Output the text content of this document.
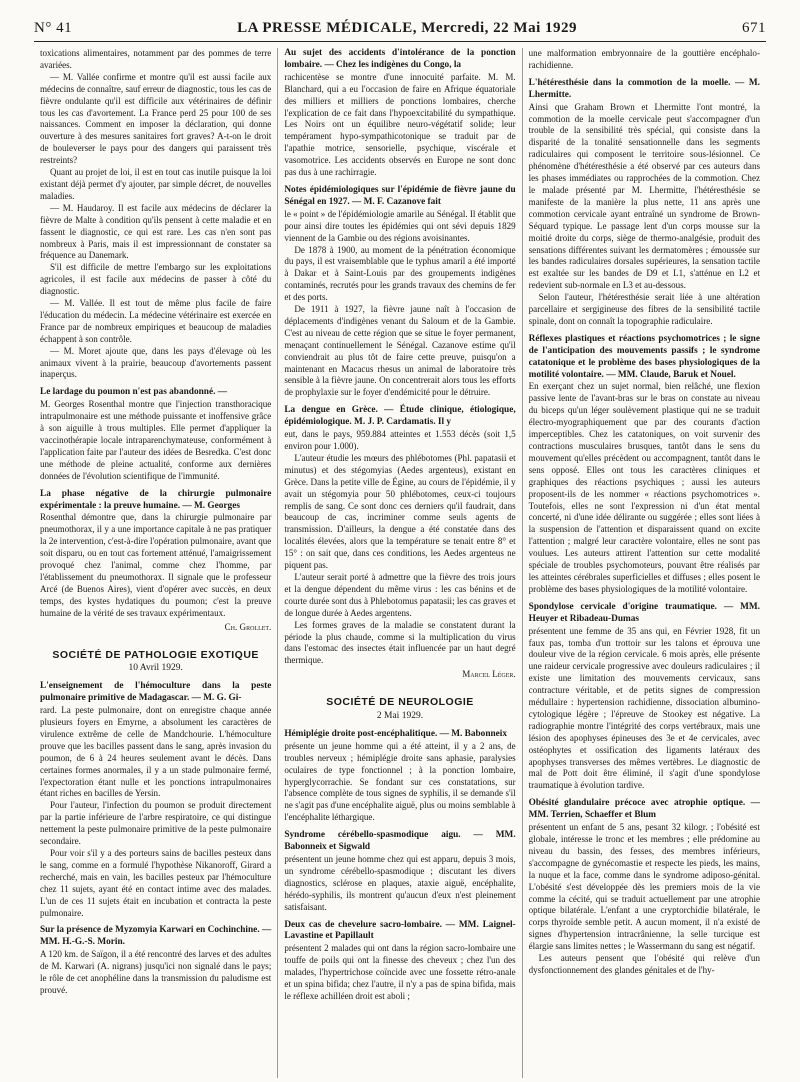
N° 41	LA PRESSE MÉDICALE, Mercredi, 22 Mai 1929	671

toxications alimentaires, notamment par des pommes de terre avariées.

— M. Vallée confirme et montre qu'il est aussi facile aux médecins de connaître, sauf erreur de diagnostic, tous les cas de fièvre ondulante qu'il est difficile aux vétérinaires de définir tous les cas d'avortement. La France perd 25 pour 100 de ses naissances. Comment en imposer la déclaration, qui donne ouverture à des mesures sanitaires fort graves? A-t-on le droit de bouleverser le pays pour des dangers qui paraissent très restreints?

Quant au projet de loi, il est en tout cas inutile puisque la loi existant déjà permet d'y ajouter, par simple décret, de nouvelles maladies.

— M. Haudaroy. Il est facile aux médecins de déclarer la fièvre de Malte à condition qu'ils pensent à cette maladie et en fassent le diagnostic, ce qui est rare. Les cas n'en sont pas nombreux à Paris, mais il est impressionnant de constater sa fréquence au Danemark.

S'il est difficile de mettre l'embargo sur les exploitations agricoles, il est facile aux médecins de passer à côté du diagnostic.

— M. Vallée. Il est tout de même plus facile de faire l'éducation du médecin. La médecine vétérinaire est exercée en France par de nombreux empiriques et beaucoup de maladies échappent à son contrôle.

— M. Moret ajoute que, dans les pays d'élevage où les animaux vivent à la prairie, beaucoup d'avortements passent inaperçus.

Le lardage du poumon n'est pas abandonné. —

M. Georges Rosenthal montre que l'injection transthoracique intrapulmonaire est une méthode puissante et inoffensive grâce à son aiguille à trous multiples. Elle permet d'appliquer la vaccinothérapie locale intraparenchymateuse, conformément à l'application faite par l'auteur des idées de Besredka. C'est donc une méthode de pleine actualité, conforme aux dernières données de l'évolution scientifique de l'immunité.

La phase négative de la chirurgie pulmonaire expérimentale : la preuve humaine. — M. Georges

Rosenthal démontre que, dans la chirurgie pulmonaire par pneumothorax, il y a une importance capitale à ne pas pratiquer la 2e intervention, c'est-à-dire l'opération pulmonaire, avant que soit disparu, ou en tout cas fortement atténué, l'amaigrissement provoqué chez l'animal, comme chez l'homme, par l'établissement du pneumothorax. Il signale que le professeur Arcé (de Buenos Aires), vient d'opérer avec succès, en deux temps, des kystes hydatiques du poumon; c'est la preuve humaine de la vérité de ses travaux expérimentaux.

Ch. Grollet.
SOCIÉTÉ DE PATHOLOGIE EXOTIQUE
10 Avril 1929.
L'enseignement de l'hémoculture dans la peste pulmonaire primitive de Madagascar. — M. G. Gi-

rard. La peste pulmonaire, dont on enregistre chaque année plusieurs foyers en Emyrne, a absolument les caractères de virulence extrême de celle de Mandchourie. L'hémoculture prouve que les bacilles passent dans le sang, après invasion du poumon, de 6 à 24 heures seulement avant le décès. Dans certaines formes anormales, il y a un stade pulmonaire fermé, l'expectoration étant nulle et les ponctions intrapulmonaires étant riches en bacilles de Yersin.

Pour l'auteur, l'infection du poumon se produit directement par la partie inférieure de l'arbre respiratoire, ce qui distingue nettement la peste pulmonaire primitive de la peste pulmonaire secondaire.

Pour voir s'il y a des porteurs sains de bacilles pesteux dans le sang, comme en a formulé l'hypothèse Nikanoroff, Girard a recherché, mais en vain, les bacilles pesteux par l'hémoculture chez 11 sujets, ayant été en contact intime avec des malades. L'un de ces 11 sujets était en incubation et contracta la peste pulmonaire.

Sur la présence de Myzomyia Karwari en Cochinchine. — MM. H.-G.-S. Morin.

A 120 km. de Saïgon, il a été rencontré des larves et des adultes de M. Karwari (A. nigrans) jusqu'ici non signalé dans le pays; le rôle de cet anophéline dans la transmission du paludisme est prouvé.

Au sujet des accidents d'intolérance de la ponction lombaire. — Chez les indigènes du Congo, la

rachicentèse se montre d'une innocuité parfaite. M. M. Blanchard, qui a eu l'occasion de faire en Afrique équatoriale des milliers et milliers de ponctions lombaires, cherche l'explication de ce fait dans l'hypoexcitabilité du sympathique. Les Noirs ont un équilibre neuro-végétatif solide; leur tempérament hypo-sympathicotonique se traduit par de l'apathie motrice, sensorielle, psychique, viscérale et vasomotrice. Les accidents observés en Europe ne sont donc pas dus à une rachirragie.

Notes épidémiologiques sur l'épidémie de fièvre jaune du Sénégal en 1927. — M. F. Cazanove fait

le « point » de l'épidémiologie amarile au Sénégal. Il établit que pour ainsi dire toutes les épidémies qui ont sévi depuis 1829 viennent de la Gambie ou des régions avoisinantes.

De 1878 à 1900, au moment de la pénétration économique du pays, il est vraisemblable que le typhus amaril a été importé à Dakar et à Saint-Louis par des groupements indigènes contaminés, recrutés pour les grands travaux des chemins de fer et des ports.

De 1911 à 1927, la fièvre jaune naît à l'occasion de déplacements d'indigènes venant du Saloum et de la Gambie. C'est au niveau de cette région que se situe le foyer permanent, menaçant continuellement le Sénégal. Cazanove estime qu'il conviendrait au plus tôt de faire cette preuve, puisqu'on a maintenant en Macacus rhesus un animal de laboratoire très sensible à la fièvre jaune. On concentrerait alors tous les efforts de prophylaxie sur le foyer d'endémicité pour le détruire.

La dengue en Grèce. — Étude clinique, étiologique, épidémiologique. M. J. P. Cardamatis. Il y

eut, dans le pays, 959.884 atteintes et 1.553 décès (soit 1,5 environ pour 1.000).

L'auteur étudie les mœurs des phlébotomes (Phl. papatasii et minutus) et des stégomyias (Aedes argenteus), existant en Grèce. Dans la petite ville de Égine, au cours de l'épidémie, il y avait un stégomyia pour 50 phlébotomes, ceux-ci toujours remplis de sang. Ce sont donc ces derniers qu'il faudrait, dans beaucoup de cas, incriminer comme seuls agents de transmission. D'ailleurs, la dengue a été constatée dans des localités élevées, alors que la température se tenait entre 8° et 15° : on sait que, dans ces conditions, les Aedes argenteus ne piquent pas.

L'auteur serait porté à admettre que la fièvre des trois jours et la dengue dépendent du même virus : les cas bénins et de courte durée sont dus à Phlebotomus papatasii; les cas graves et de longue durée à Aedes argentens.

Les formes graves de la maladie se constatent durant la période la plus chaude, comme si la multiplication du virus dans l'estomac des insectes était influencée par un haut degré thermique.

Marcel Léger.
SOCIÉTÉ DE NEUROLOGIE
2 Mai 1929.
Hémiplégie droite post-encéphalitique. — M. Babonneix

présente un jeune homme qui a été atteint, il y a 2 ans, de troubles nerveux ; hémiplégie droite sans aphasie, paralysies oculaires de type fonctionnel ; à la ponction lombaire, hyperglycorrachie. Se fondant sur ces constatations, sur l'absence complète de tous signes de syphilis, il se demande s'il ne s'agit pas d'une encéphalite aiguë, plus ou moins semblable à l'encéphalite léthargique.

Syndrome cérébello-spasmodique aigu. — MM. Babonneix et Sigwald

présentent un jeune homme chez qui est apparu, depuis 3 mois, un syndrome cérébello-spasmodique ; discutant les divers diagnostics, sclérose en plaques, ataxie aiguë, encéphalite, hérédo-syphilis, ils montrent qu'aucun d'eux n'est pleinement satisfaisant.

Deux cas de chevelure sacro-lombaire. — MM. Laignel-Lavastine et Papillault

présentent 2 malades qui ont dans la région sacro-lombaire une touffe de poils qui ont la finesse des cheveux ; chez l'un des malades, l'hypertrichose coïncide avec une fossette rétro-anale et un spina bifida; chez l'autre, il n'y a pas de spina bifida, mais le réflexe achilléen droit est aboli ;

une malformation embryonnaire de la gouttière encéphalo-rachidienne.

L'hétéresthésie dans la commotion de la moelle. — M. Lhermitte.

Ainsi que Graham Brown et Lhermitte l'ont montré, la commotion de la moelle cervicale peut s'accompagner d'un trouble de la sensibilité très spécial, qui consiste dans la disparité de la tonalité sensationnelle dans les segments radiculaires qui composent le territoire sous-lésionnel. Ce phénomène d'hétéresthésie a été observé par ces auteurs dans les phases immédiates ou rapprochées de la commotion. Chez le malade présenté par M. Lhermitte, l'hétéresthésie se manifeste de la manière la plus nette, 11 ans après une commotion cervicale ayant entraîné un syndrome de Brown-Séquard typique. Le passage lent d'un corps mousse sur la moitié droite du corps, siège de thermo-analgésie, produit des sensations différentes suivant les dermatomères ; émoussée sur les bandes radiculaires dorsales supérieures, la sensation tactile est exaltée sur les bandes de D9 et L1, s'atténue en L2 et redevient sub-normale en L3 et au-dessous.

Selon l'auteur, l'hétéresthésie serait liée à une altération parcellaire et sergigineuse des fibres de la sensibilité tactile spinale, dont on connaît la topographie radiculaire.

Réflexes plastiques et réactions psychomotrices ; le signe de l'anticipation des mouvements passifs ; le syndrome catatonique et le problème des bases physiologiques de la motilité volontaire. — MM. Claude, Baruk et Nouel.

En exerçant chez un sujet normal, bien relâché, une flexion passive lente de l'avant-bras sur le bras on constate au niveau du biceps qu'un léger soulèvement plastique qui ne se traduit électro-myographiquement que par des courants d'action imperceptibles. Chez les catatoniques, on voit survenir des contractions musculaires brusques, tantôt dans le sens du mouvement qu'elles précèdent ou accompagnent, tantôt dans le sens opposé. Elles ont tous les caractères cliniques et graphiques des réactions psychiques ; aussi les auteurs proposent-ils de les nommer « réactions psychomotrices ». Toutefois, elles ne sont l'expression ni d'un état mental concerté, ni d'une idée délirante ou suggérée ; elles sont liées à la suspension de l'attention et disparaissent quand on excite l'attention ; malgré leur caractère volontaire, elles ne sont pas voulues. Les auteurs attirent l'attention sur cette modalité spéciale de troubles psychomoteurs, pouvant être réalisés par les atteintes cérébrales superficielles et diffuses ; elles posent le problème des bases physiologiques de la motilité volontaire.

Spondylose cervicale d'origine traumatique. — MM. Heuyer et Ribadeau-Dumas

présentent une femme de 35 ans qui, en Février 1928, fit un faux pas, tomba d'un trottoir sur les talons et éprouva une douleur vive de la région cervicale. 6 mois après, elle présente une raideur cervicale progressive avec douleurs radiculaires ; il existe une limitation des mouvements cervicaux, sans contracture véritable, et de petits signes de compression médullaire : hypertension rachidienne, dissociation albumino-cytologique légère ; l'épreuve de Stookey est négative. La radiographie montre l'intégrité des corps vertébraux, mais une lésion des apophyses épineuses des 3e et 4e cervicales, avec ostéophytes et ossification des ligaments latéraux des apophyses transverses des mêmes vertèbres. Le diagnostic de mal de Pott doit être éliminé, il s'agit d'une spondylose traumatique à évolution tardive.

Obésité glandulaire précoce avec atrophie optique. — MM. Terrien, Schaeffer et Blum

présentent un enfant de 5 ans, pesant 32 kilogr. ; l'obésité est globale, intéresse le tronc et les membres ; elle prédomine au niveau du bassin, des fesses, des membres inférieurs, s'accompagne de gynécomastie et respecte les pieds, les mains, la nuque et la face, comme dans le syndrome adiposo-génital. L'obésité s'est développée dès les premiers mois de la vie comme la cécité, qui se traduit actuellement par une atrophie optique bilatérale. L'enfant a une cryptorchidie bilatérale, le corps thyroïde semble petit. A aucun moment, il n'a existé de signes d'hypertension intracrânienne, la selle turcique est élargie sans limites nettes ; le Wassermann du sang est négatif.

Les auteurs pensent que l'obésité qui relève d'un dysfonctionnement des glandes génitales et de l'hy-
